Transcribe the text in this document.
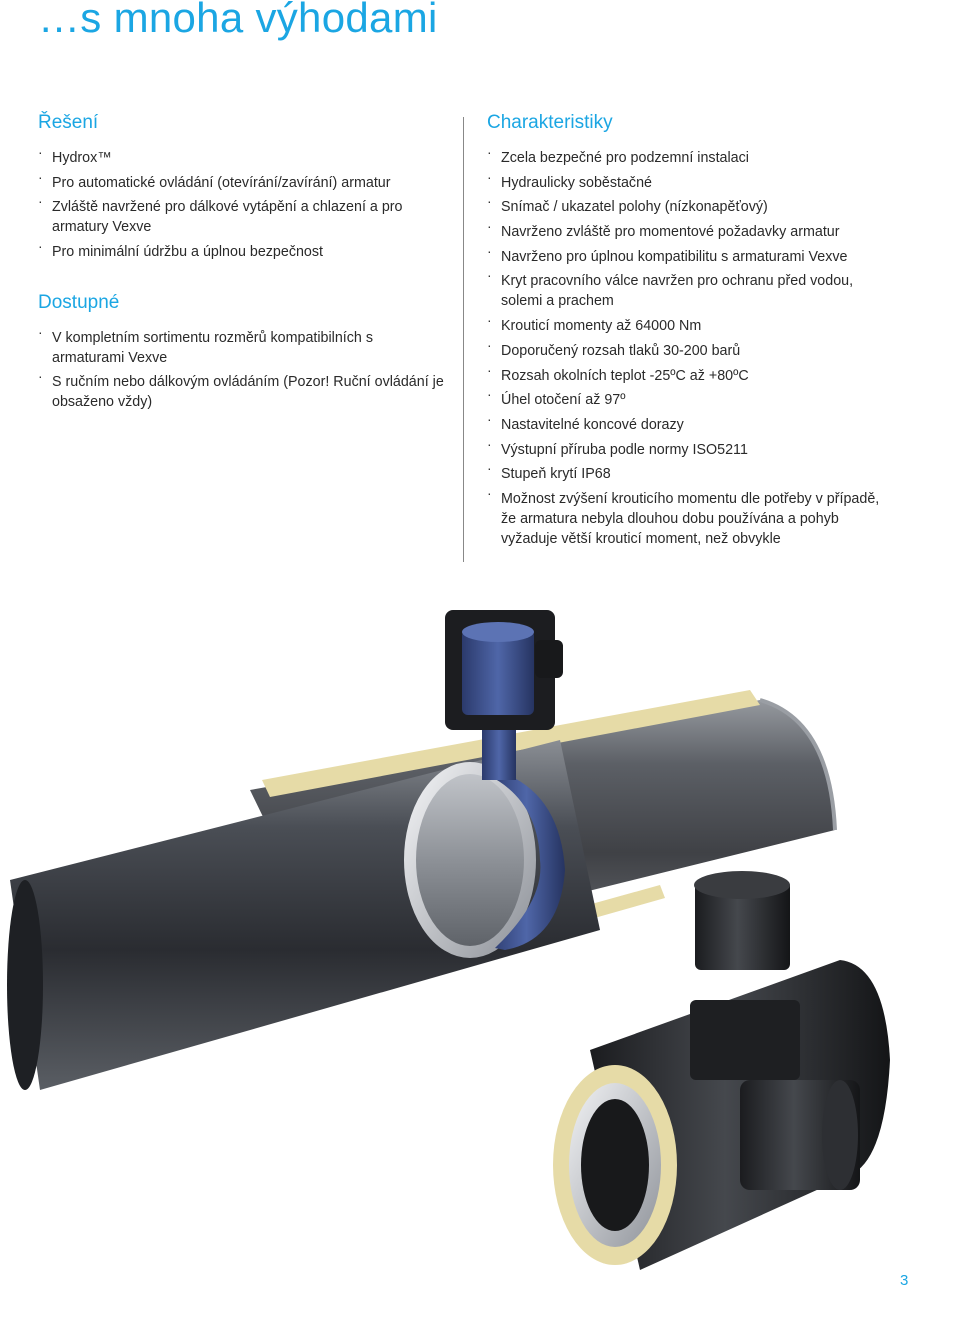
…s mnoha výhodami
Řešení
· Hydrox™
· Pro automatické ovládání (otevírání/zavírání) armatur
· Zvláště navržené pro dálkové vytápění a chlazení a pro armatury Vexve
· Pro minimální údržbu a úplnou bezpečnost
Dostupné
· V kompletním sortimentu rozměrů kompatibilních s armaturami Vexve
· S ručním nebo dálkovým ovládáním (Pozor! Ruční ovládání je obsaženo vždy)
Charakteristiky
· Zcela bezpečné pro podzemní instalaci
· Hydraulicky soběstačné
· Snímač / ukazatel polohy (nízkonapěťový)
· Navrženo zvláště pro momentové požadavky armatur
· Navrženo pro úplnou kompatibilitu s armaturami Vexve
· Kryt pracovního válce navržen pro ochranu před vodou, solemi a prachem
· Krouticí momenty až 64000 Nm
· Doporučený rozsah tlaků 30-200 barů
· Rozsah okolních teplot -25ºC až +80ºC
· Úhel otočení až 97º
· Nastavitelné koncové dorazy
· Výstupní příruba podle normy ISO5211
· Stupeň krytí IP68
· Možnost zvýšení krouticího momentu dle potřeby v případě, že armatura nebyla dlouhou dobu používána a pohyb vyžaduje větší krouticí moment, než obvykle
3
